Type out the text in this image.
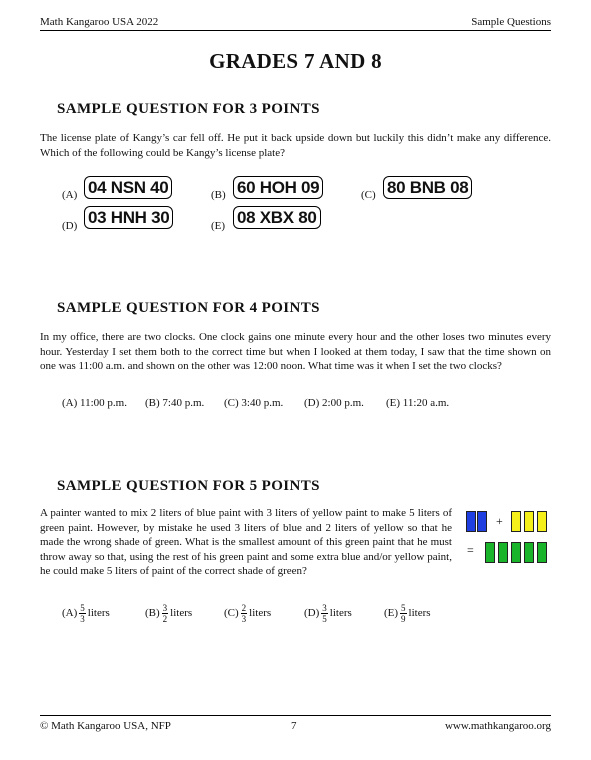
Math Kangaroo USA 2022	Sample Questions
GRADES 7 AND 8
SAMPLE QUESTION FOR 3 POINTS
The license plate of Kangy’s car fell off. He put it back upside down but luckily this didn’t make any difference. Which of the following could be Kangy’s license plate?
(A) 04 NSN 40	(B) 60 HOH 09	(C) 80 BNB 08
(D) 03 HNH 30	(E) 08 XBX 80
SAMPLE QUESTION FOR 4 POINTS
In my office, there are two clocks. One clock gains one minute every hour and the other loses two minutes every hour. Yesterday I set them both to the correct time but when I looked at them today, I saw that the time shown on one was 11:00 a.m. and shown on the other was 12:00 noon. What time was it when I set the two clocks?
(A) 11:00 p.m. (B) 7:40 p.m. (C) 3:40 p.m. (D) 2:00 p.m. (E) 11:20 a.m.
SAMPLE QUESTION FOR 5 POINTS
A painter wanted to mix 2 liters of blue paint with 3 liters of yellow paint to make 5 liters of green paint. However, by mistake he used 3 liters of blue and 2 liters of yellow so that he made the wrong shade of green. What is the smallest amount of this green paint that he must throw away so that, using the rest of his green paint and some extra blue and/or yellow paint, he could make 5 liters of paint of the correct shade of green?
+
=
$(A) \frac{5}{3}$ liters	$(B) \frac{3}{2}$ liters	$(C) \frac{2}{3}$ liters	$(D) \frac{3}{5}$ liters	$(E) \frac{5}{9}$ liters
© Math Kangaroo USA, NFP	7	www.mathkangaroo.org
